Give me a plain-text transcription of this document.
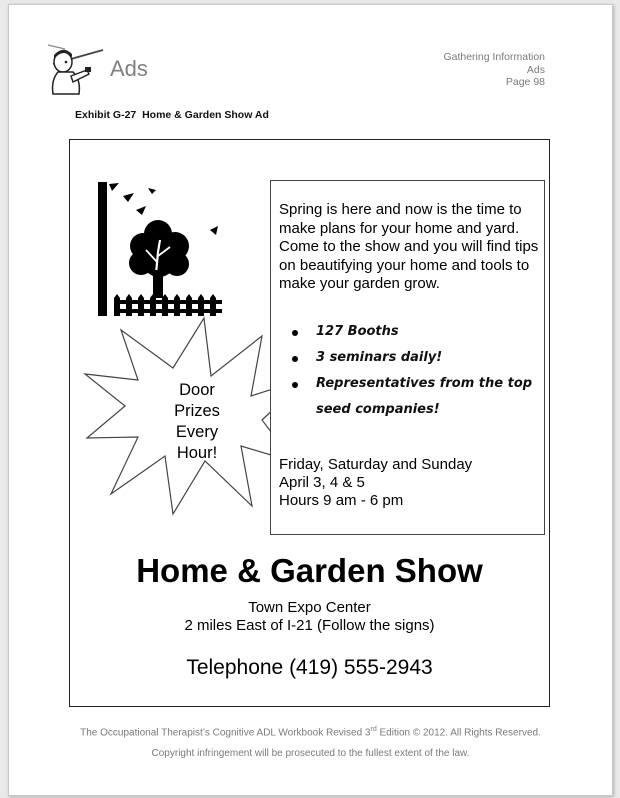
Ads	Gathering Information
Ads
Page 98
Exhibit G-27  Home & Garden Show Ad
Door
Prizes
Every
Hour!

Spring is here and now is the time to make plans for your home and yard. Come to the show and you will find tips on beautifying your home and tools to make your garden grow.

127 Booths
3 seminars daily!
Representatives from the top seed companies!
Friday, Saturday and Sunday
April 3, 4 & 5
Hours 9 am - 6 pm
Home & Garden Show
Town Expo Center
2 miles East of I-21 (Follow the signs)
Telephone (419) 555-2943
The Occupational Therapist’s Cognitive ADL Workbook Revised 3rd Edition © 2012. All Rights Reserved.
Copyright infringement will be prosecuted to the fullest extent of the law.
